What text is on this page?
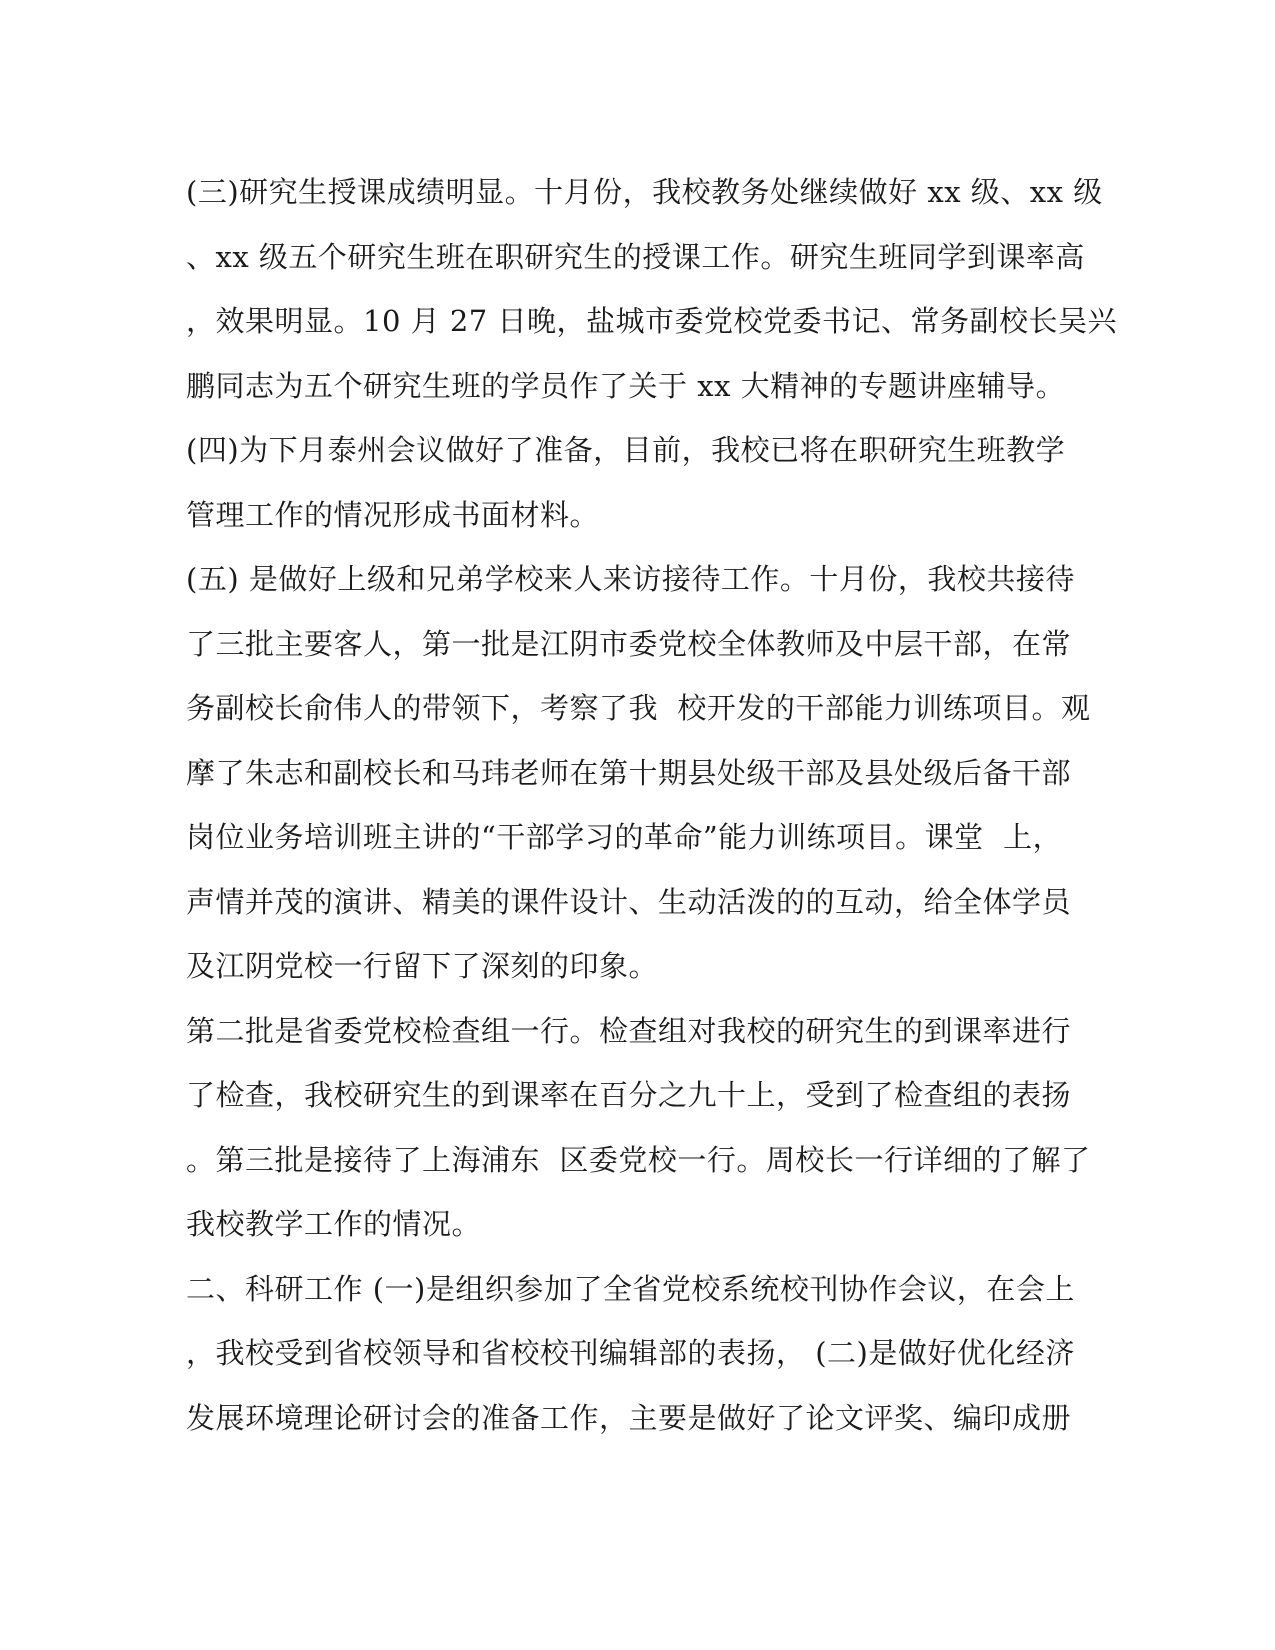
(三)研究生授课成绩明显。十月份，我校教务处继续做好 xx 级、xx 级
、xx 级五个研究生班在职研究生的授课工作。研究生班同学到课率高
，效果明显。10 月 27 日晚，盐城市委党校党委书记、常务副校长吴兴
鹏同志为五个研究生班的学员作了关于 xx 大精神的专题讲座辅导。
(四)为下月泰州会议做好了准备，目前，我校已将在职研究生班教学
管理工作的情况形成书面材料。
(五) 是做好上级和兄弟学校来人来访接待工作。十月份，我校共接待
了三批主要客人，第一批是江阴市委党校全体教师及中层干部，在常
务副校长俞伟人的带领下，考察了我  校开发的干部能力训练项目。观
摩了朱志和副校长和马玮老师在第十期县处级干部及县处级后备干部
岗位业务培训班主讲的“干部学习的革命”能力训练项目。课堂  上，
声情并茂的演讲、精美的课件设计、生动活泼的的互动，给全体学员
及江阴党校一行留下了深刻的印象。
第二批是省委党校检查组一行。检查组对我校的研究生的到课率进行
了检查，我校研究生的到课率在百分之九十上，受到了检查组的表扬
。第三批是接待了上海浦东  区委党校一行。周校长一行详细的了解了
我校教学工作的情况。
二、科研工作 (一)是组织参加了全省党校系统校刊协作会议，在会上
，我校受到省校领导和省校校刊编辑部的表扬， (二)是做好优化经济
发展环境理论研讨会的准备工作，主要是做好了论文评奖、编印成册
